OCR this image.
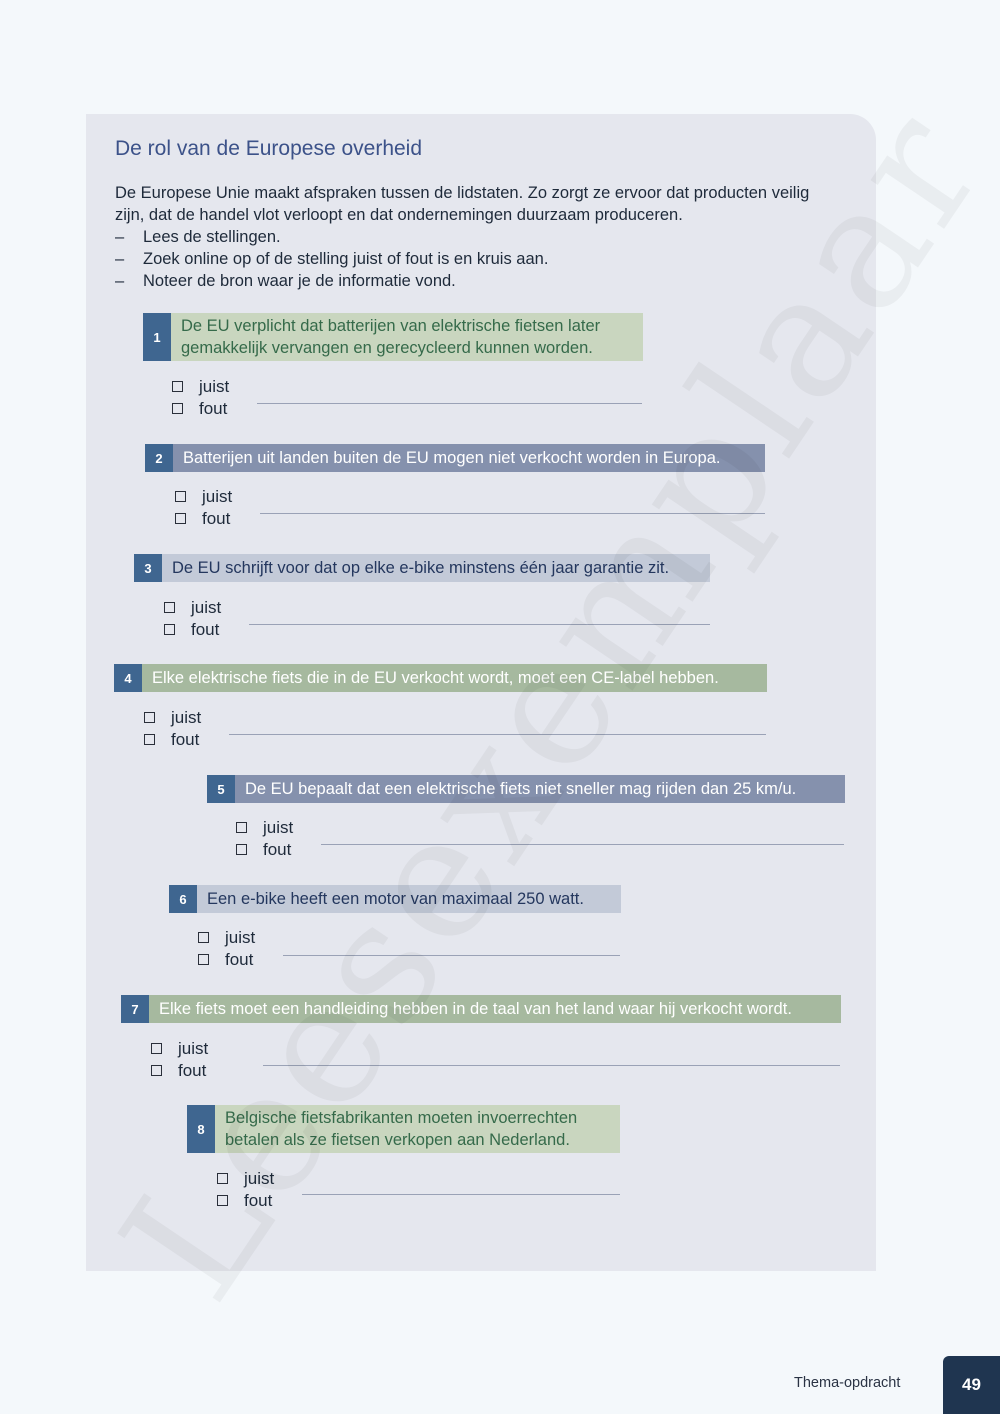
De rol van de Europese overheid

De Europese Unie maakt afspraken tussen de lidstaten. Zo zorgt ze ervoor dat producten veilig zijn, dat de handel vlot verloopt en dat ondernemingen duurzaam produceren.

– Lees de stellingen.
– Zoek online op of de stelling juist of fout is en kruis aan.
– Noteer de bron waar je de informatie vond.
1
De EU verplicht dat batterijen van elektrische fietsen later gemakkelijk vervangen en gerecycleerd kunnen worden.
juist
fout
2	Batterijen uit landen buiten de EU mogen niet verkocht worden in Europa.
juist
fout
3	De EU schrijft voor dat op elke e-bike minstens één jaar garantie zit.
juist
fout
4	Elke elektrische fiets die in de EU verkocht wordt, moet een CE-label hebben.
juist
fout
5	De EU bepaalt dat een elektrische fiets niet sneller mag rijden dan 25 km/u.
juist
fout
6	Een e-bike heeft een motor van maximaal 250 watt.
juist
fout
7	Elke fiets moet een handleiding hebben in de taal van het land waar hij verkocht wordt.
juist
fout
8
Belgische fietsfabrikanten moeten invoerrechten betalen als ze fietsen verkopen aan Nederland.
juist
fout
Thema-opdracht	49
